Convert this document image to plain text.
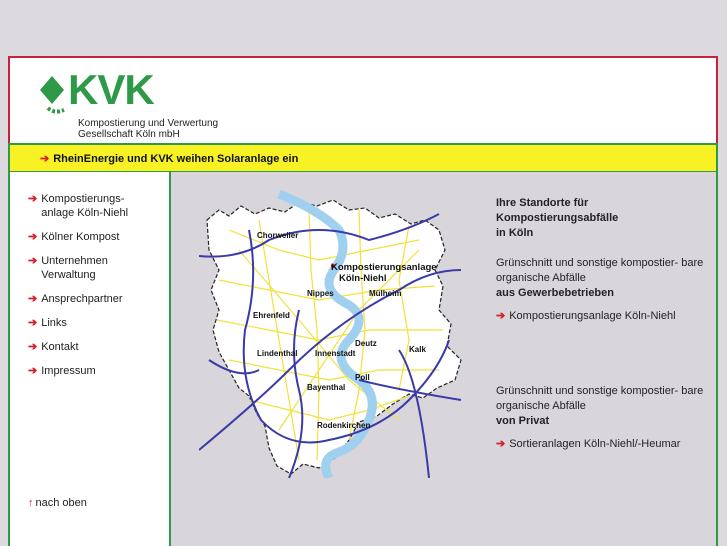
KVK
Kompostierung und Verwertung
Gesellschaft Köln mbH
➔ RheinEnergie und KVK weihen Solaranlage ein
➔ Kompostierungs-
anlage Köln-Niehl
➔ Kölner Kompost
➔ Unternehmen
Verwaltung
➔ Ansprechpartner
➔ Links
➔ Kontakt
➔ Impressum
↑ nach oben
Chorweiler
Kompostierungsanlage
Köln-Niehl
Nippes	Mülheim
Ehrenfeld
Deutz
Kalk
Lindenthal Innenstadt
Poll
Bayenthal
Rodenkirchen

Ihre Standorte für Kompostierungsabfälle

in Köln

Grünschnitt und sonstige kompostier- bare

organische Abfälle

aus Gewerbebetrieben

➔ Kompostierungsanlage Köln-Niehl

Grünschnitt und sonstige kompostier- bare

organische Abfälle

von Privat

➔ Sortieranlagen Köln-Niehl/-Heumar
